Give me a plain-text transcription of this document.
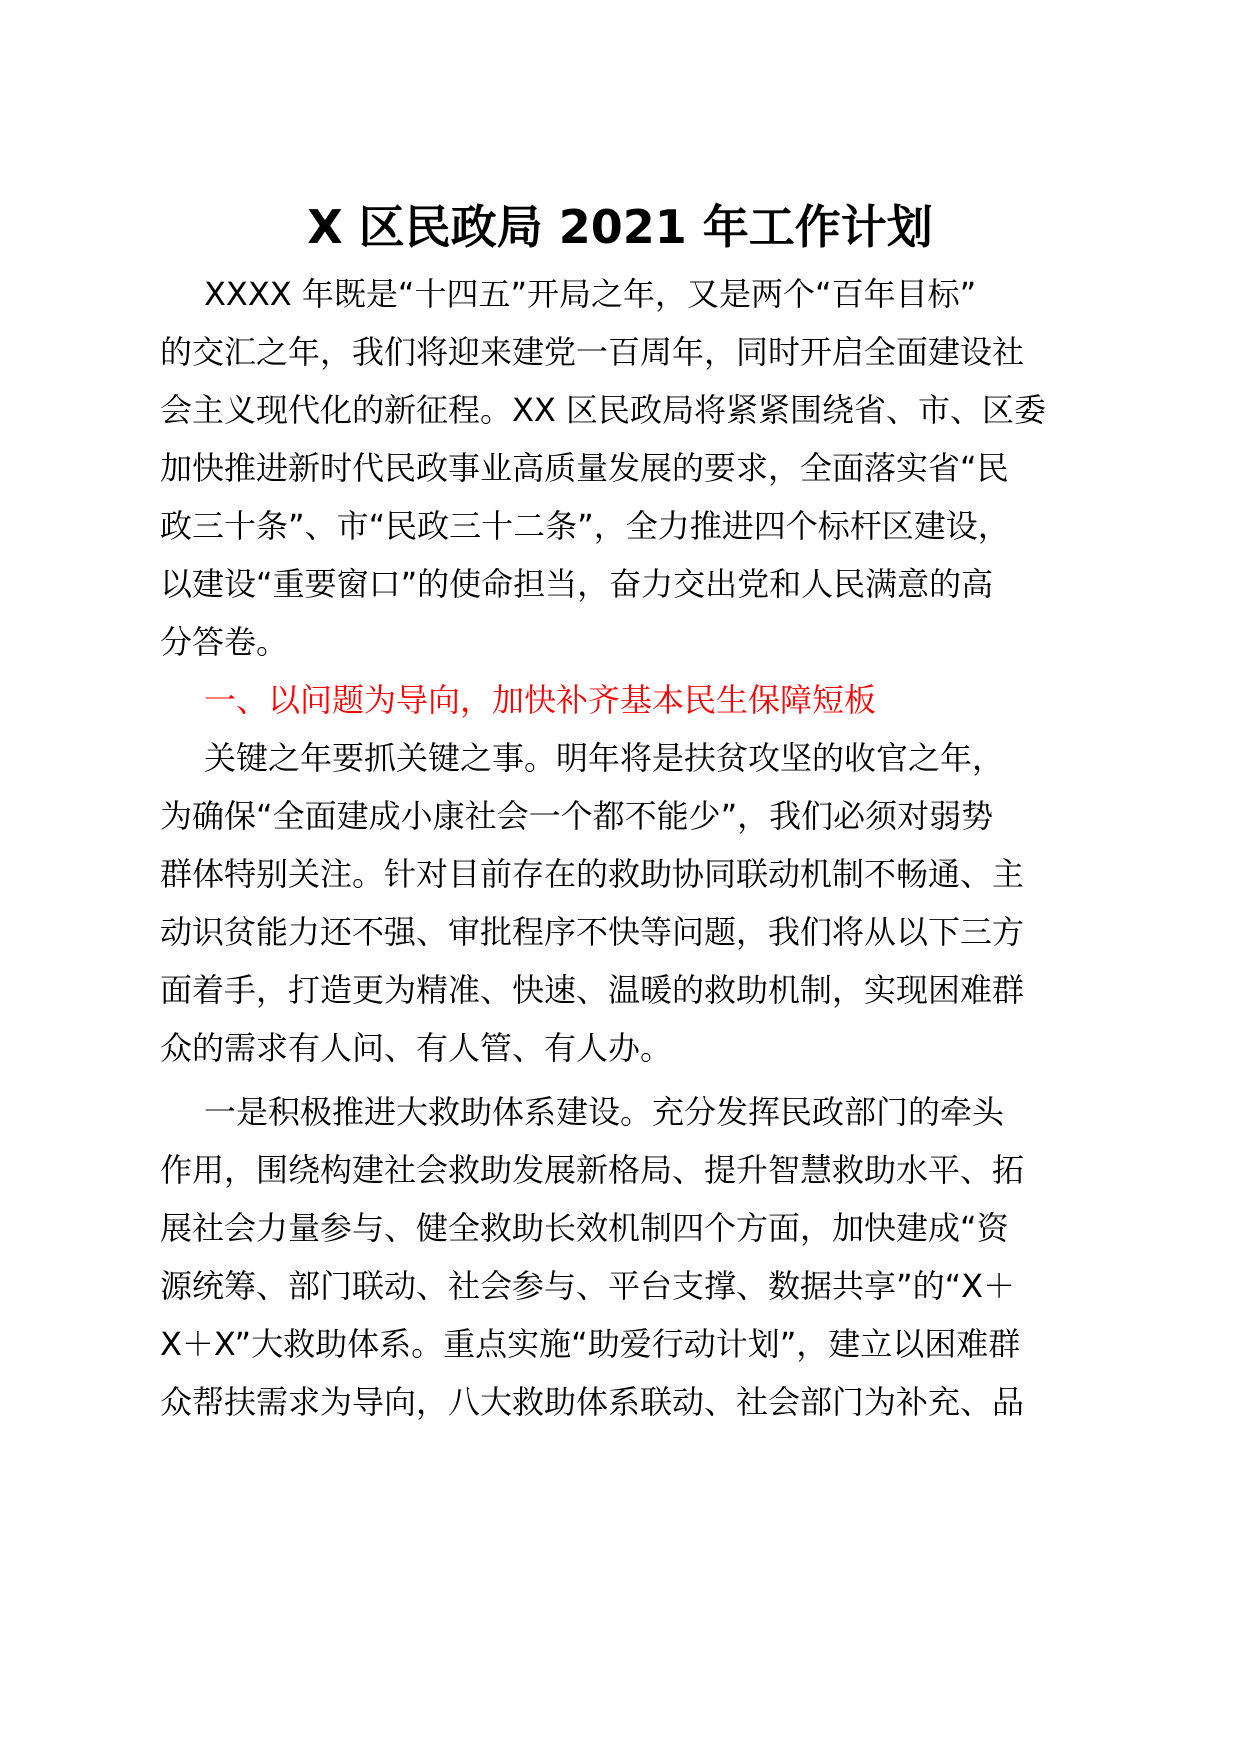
X 区民政局 2021 年工作计划
XXXX 年既是“十四五”开局之年，又是两个“百年目标”
的交汇之年，我们将迎来建党一百周年，同时开启全面建设社
会主义现代化的新征程。XX 区民政局将紧紧围绕省、市、区委
加快推进新时代民政事业高质量发展的要求，全面落实省“民
政三十条”、市“民政三十二条”，全力推进四个标杆区建设，
以建设“重要窗口”的使命担当，奋力交出党和人民满意的高
分答卷。
一、以问题为导向，加快补齐基本民生保障短板
关键之年要抓关键之事。明年将是扶贫攻坚的收官之年，
为确保“全面建成小康社会一个都不能少”，我们必须对弱势
群体特别关注。针对目前存在的救助协同联动机制不畅通、主
动识贫能力还不强、审批程序不快等问题，我们将从以下三方
面着手，打造更为精准、快速、温暖的救助机制，实现困难群
众的需求有人问、有人管、有人办。
一是积极推进大救助体系建设。充分发挥民政部门的牵头
作用，围绕构建社会救助发展新格局、提升智慧救助水平、拓
展社会力量参与、健全救助长效机制四个方面，加快建成“资
源统筹、部门联动、社会参与、平台支撑、数据共享”的“X＋
X＋X”大救助体系。重点实施“助爱行动计划”，建立以困难群
众帮扶需求为导向，八大救助体系联动、社会部门为补充、品
